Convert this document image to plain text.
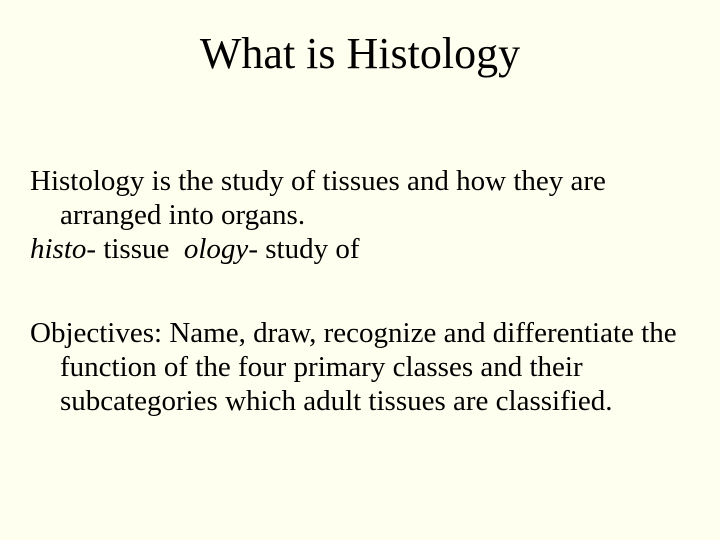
What is Histology

Histology is the study of tissues and how they are arranged into organs.

histo- tissue ology- study of

Objectives: Name, draw, recognize and differentiate the function of the four primary classes and their subcategories which adult tissues are classified.
